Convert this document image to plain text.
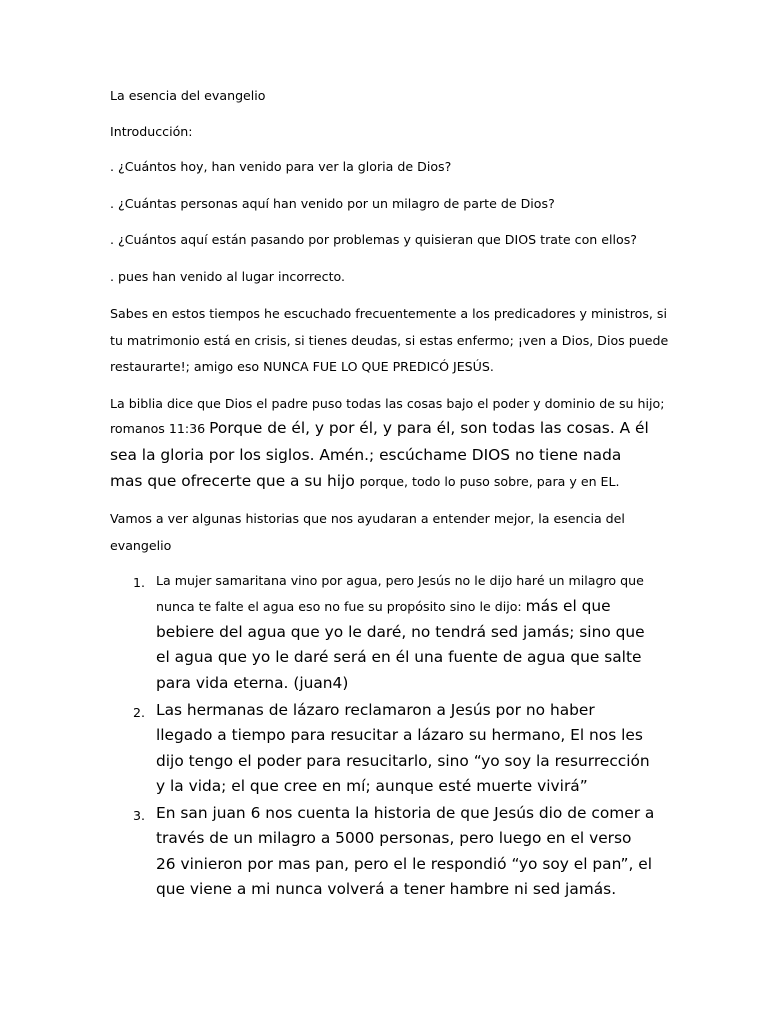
La esencia del evangelio
Introducción:
. ¿Cuántos hoy, han venido para ver la gloria de Dios?
. ¿Cuántas personas aquí han venido por un milagro de parte de Dios?
. ¿Cuántos aquí están pasando por problemas y quisieran que DIOS trate con ellos?
. pues han venido al lugar incorrecto.
Sabes en estos tiempos he escuchado frecuentemente a los predicadores y ministros, si
tu matrimonio está en crisis, si tienes deudas, si estas enfermo; ¡ven a Dios, Dios puede
restaurarte!; amigo eso NUNCA FUE LO QUE PREDICÓ JESÚS.
La biblia dice que Dios el padre puso todas las cosas bajo el poder y dominio de su hijo;
romanos 11:36 Porque de él, y por él, y para él, son todas las cosas. A él
sea la gloria por los siglos. Amén.; escúchame DIOS no tiene nada
mas que ofrecerte que a su hijo porque, todo lo puso sobre, para y en EL.
Vamos a ver algunas historias que nos ayudaran a entender mejor, la esencia del
evangelio
1. La mujer samaritana vino por agua, pero Jesús no le dijo haré un milagro que
nunca te falte el agua eso no fue su propósito sino le dijo: más el que
bebiere del agua que yo le daré, no tendrá sed jamás; sino que
el agua que yo le daré será en él una fuente de agua que salte
para vida eterna. (juan4)
2. Las hermanas de lázaro reclamaron a Jesús por no haber
llegado a tiempo para resucitar a lázaro su hermano, El nos les
dijo tengo el poder para resucitarlo, sino “yo soy la resurrección
y la vida; el que cree en mí; aunque esté muerte vivirá”
3. En san juan 6 nos cuenta la historia de que Jesús dio de comer a
través de un milagro a 5000 personas, pero luego en el verso
26 vinieron por mas pan, pero el le respondió “yo soy el pan”, el
que viene a mi nunca volverá a tener hambre ni sed jamás.
